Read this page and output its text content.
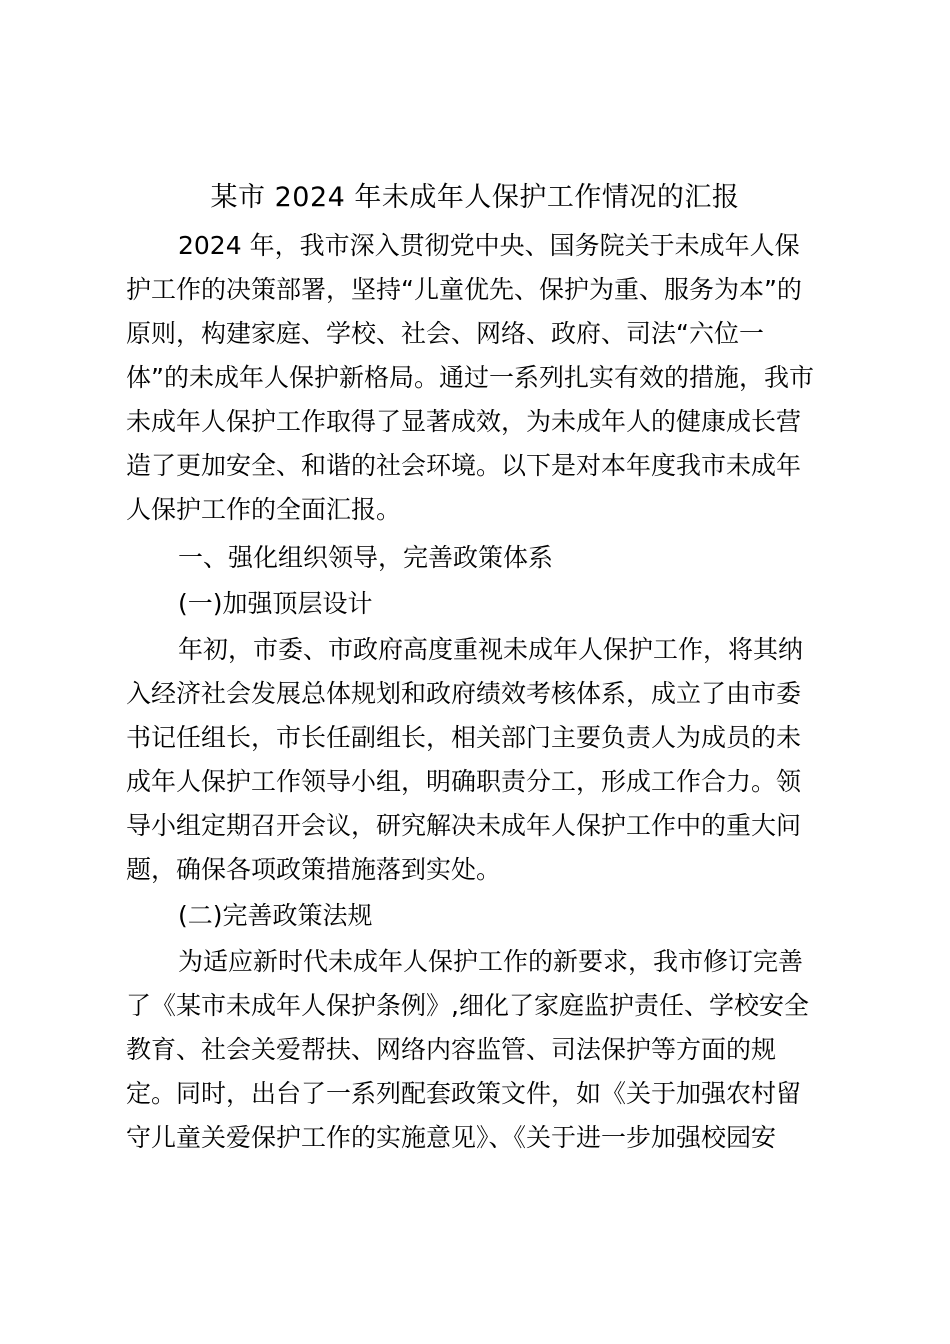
某市 2024 年未成年人保护工作情况的汇报
2024 年，我市深入贯彻党中央、国务院关于未成年人保
护工作的决策部署，坚持“儿童优先、保护为重、服务为本”的
原则，构建家庭、学校、社会、网络、政府、司法“六位一
体”的未成年人保护新格局。通过一系列扎实有效的措施，我市
未成年人保护工作取得了显著成效，为未成年人的健康成长营
造了更加安全、和谐的社会环境。以下是对本年度我市未成年
人保护工作的全面汇报。
一、强化组织领导，完善政策体系
(一)加强顶层设计
年初，市委、市政府高度重视未成年人保护工作，将其纳
入经济社会发展总体规划和政府绩效考核体系，成立了由市委
书记任组长，市长任副组长，相关部门主要负责人为成员的未
成年人保护工作领导小组，明确职责分工，形成工作合力。领
导小组定期召开会议，研究解决未成年人保护工作中的重大问
题，确保各项政策措施落到实处。
(二)完善政策法规
为适应新时代未成年人保护工作的新要求，我市修订完善
了《某市未成年人保护条例》,细化了家庭监护责任、学校安全
教育、社会关爱帮扶、网络内容监管、司法保护等方面的规
定。同时，出台了一系列配套政策文件，如《关于加强农村留
守儿童关爱保护工作的实施意见》、《关于进一步加强校园安
